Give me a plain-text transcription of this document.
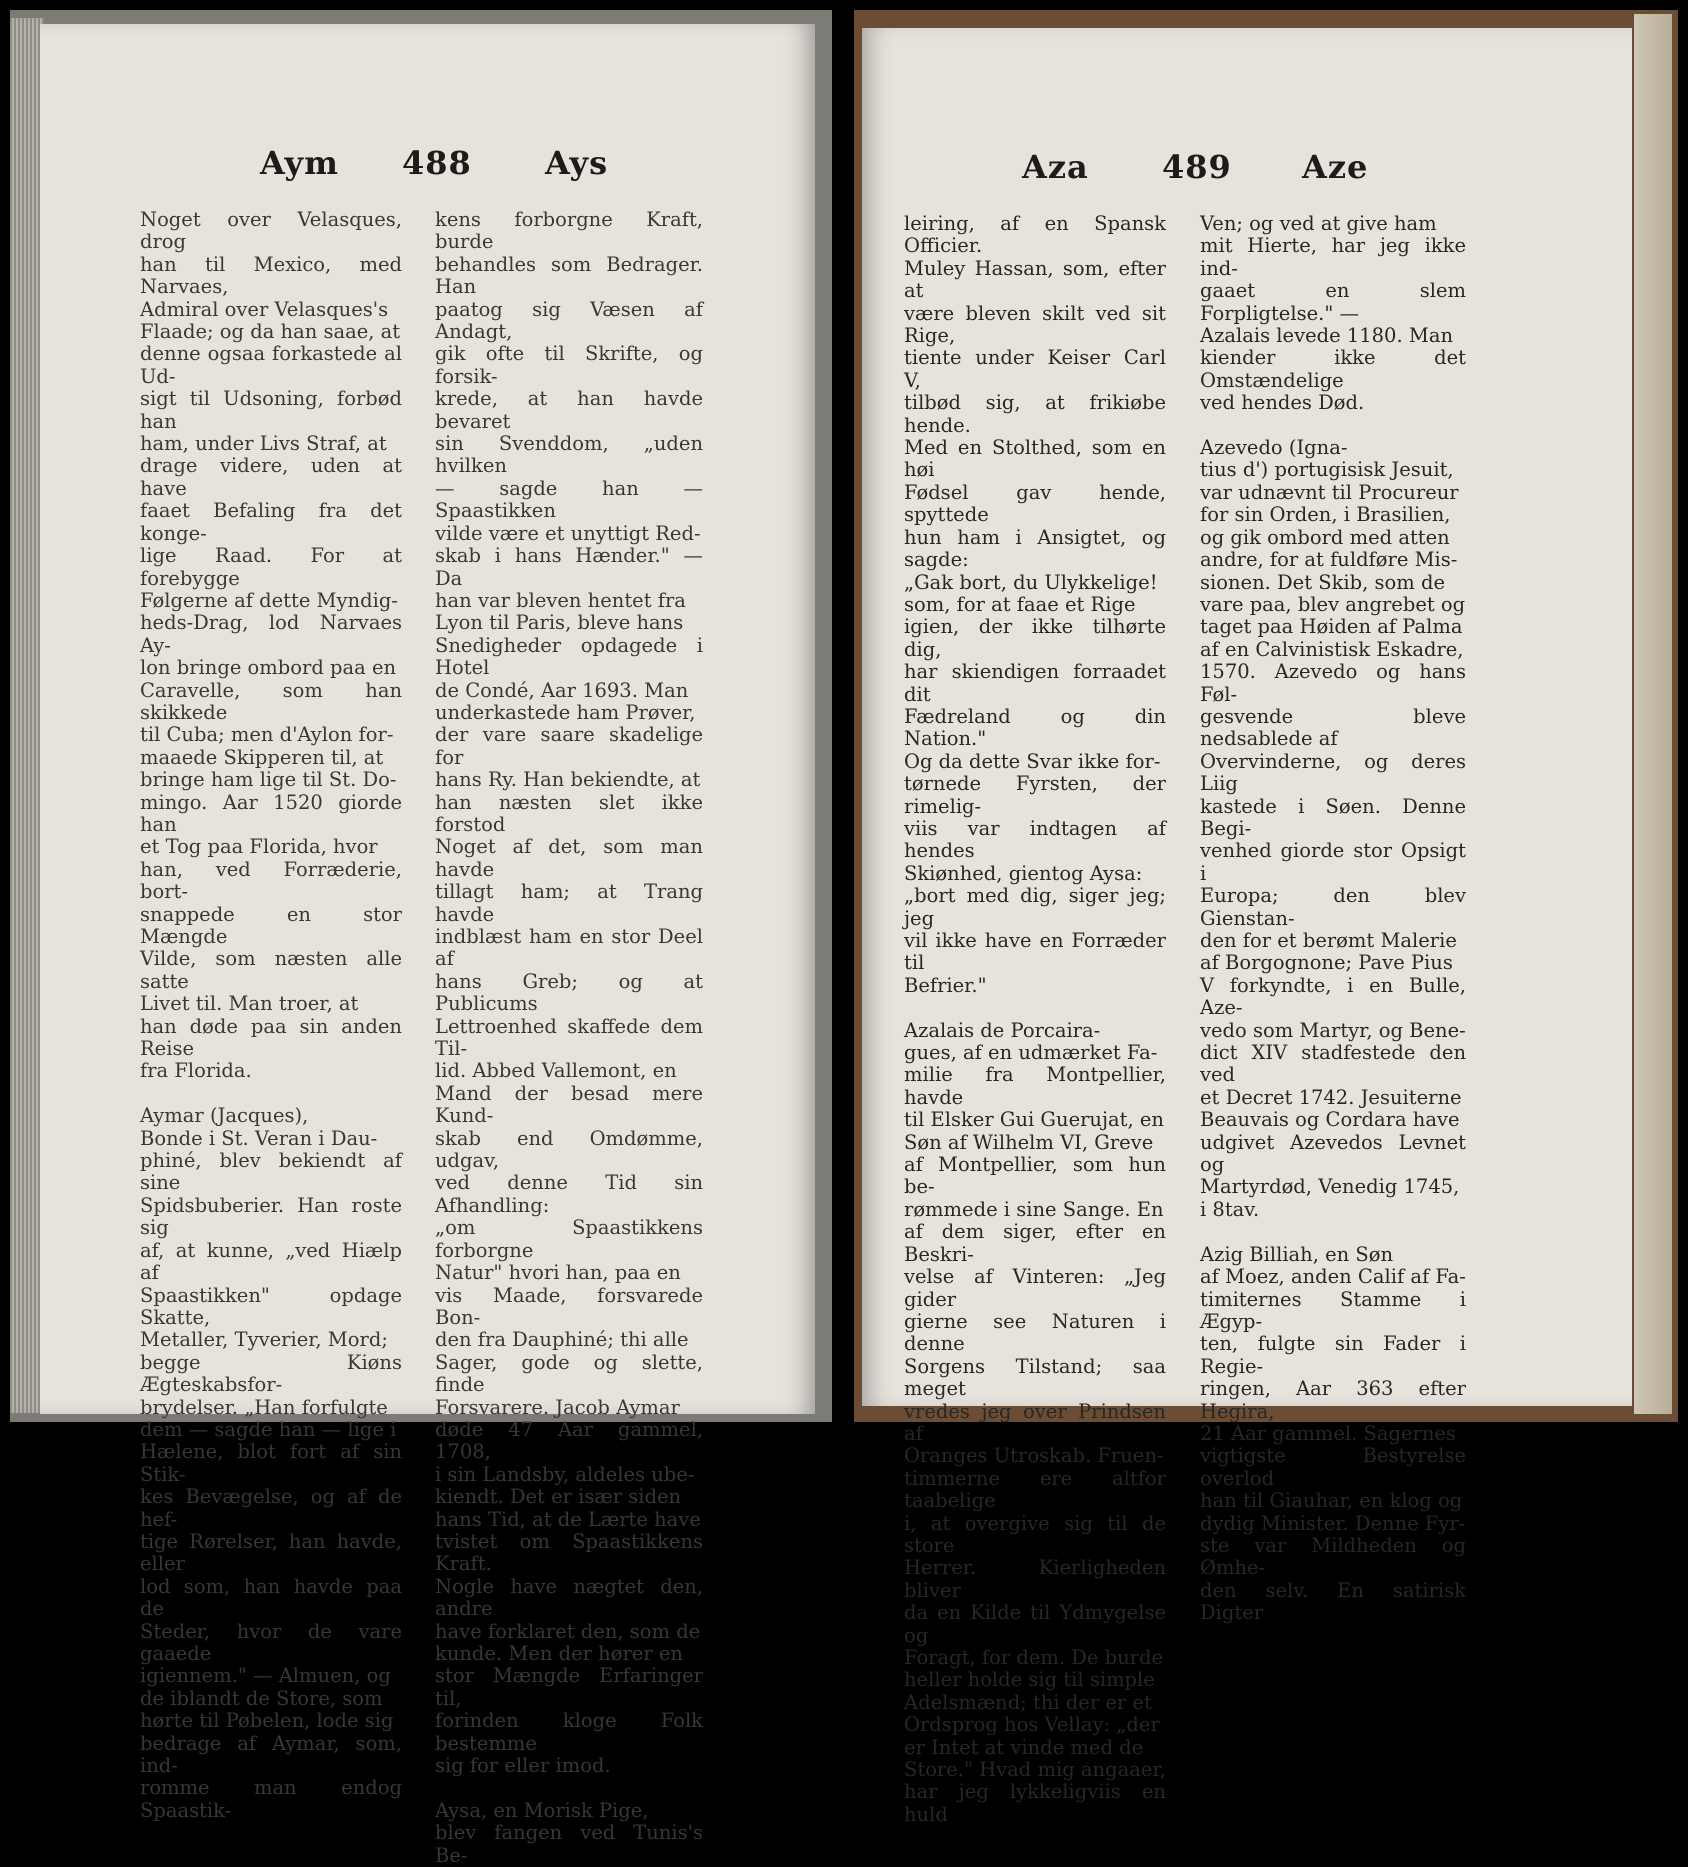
Aym 488 Ays
Noget over Velasques, drog
han til Mexico, med Narvaes,
Admiral over Velasques's
Flaade; og da han saae, at
denne ogsaa forkastede al Ud-
sigt til Udsoning, forbød han
ham, under Livs Straf, at
drage videre, uden at have
faaet Befaling fra det konge-
lige Raad. For at forebygge
Følgerne af dette Myndig-
heds-Drag, lod Narvaes Ay-
lon bringe ombord paa en
Caravelle, som han skikkede
til Cuba; men d'Aylon for-
maaede Skipperen til, at
bringe ham lige til St. Do-
mingo. Aar 1520 giorde han
et Tog paa Florida, hvor
han, ved Forræderie, bort-
snappede en stor Mængde
Vilde, som næsten alle satte
Livet til. Man troer, at
han døde paa sin anden Reise
fra Florida.

Aymar (Jacques),
Bonde i St. Veran i Dau-
phiné, blev bekiendt af sine
Spidsbuberier. Han roste sig
af, at kunne, „ved Hiælp af
Spaastikken" opdage Skatte,
Metaller, Tyverier, Mord;
begge Kiøns Ægteskabsfor-
brydelser. „Han forfulgte
dem — sagde han — lige i
Hælene, blot fort af sin Stik-
kes Bevægelse, og af de hef-
tige Rørelser, han havde, eller
lod som, han havde paa de
Steder, hvor de vare gaaede
igiennem." — Almuen, og
de iblandt de Store, som
hørte til Pøbelen, lode sig
bedrage af Aymar, som, ind-
romme man endog Spaastik-
kens forborgne Kraft, burde
behandles som Bedrager. Han
paatog sig Væsen af Andagt,
gik ofte til Skrifte, og forsik-
krede, at han havde bevaret
sin Svenddom, „uden hvilken
— sagde han — Spaastikken
vilde være et unyttigt Red-
skab i hans Hænder." — Da
han var bleven hentet fra
Lyon til Paris, blevе hans
Snedigheder opdagede i Hotel
de Condé, Aar 1693. Man
underkastede ham Prøver,
der vare saare skadelige for
hans Ry. Han bekiendte, at
han næsten slet ikke forstod
Noget af det, som man havde
tillagt ham; at Trang havde
indblæst ham en stor Deel af
hans Greb; og at Publicums
Lettroenhed skaffede dem Til-
lid. Abbed Vallemont, en
Mand der besad mere Kund-
skab end Omdømme, udgav,
ved denne Tid sin Afhandling:
„om Spaastikkens forborgne
Natur" hvori han, paa en
vis Maade, forsvarede Bon-
den fra Dauphiné; thi alle
Sager, gode og slette, finde
Forsvarere. Jacob Aymar
døde 47 Aar gammel, 1708,
i sin Landsby, aldeles ube-
kiendt. Det er især siden
hans Tid, at de Lærte have
tvistet om Spaastikkens Kraft.
Nogle have nægtet den, andre
have forklaret den, som de
kunde. Men der hører en
stor Mængde Erfaringer til,
forinden kloge Folk bestemme
sig for eller imod.

Aysa, en Morisk Pige,
blev fangen ved Tunis's Be-
Aza 489 Aze
leiring, af en Spansk Officier.
Muley Hassan, som, efter at
være bleven skilt ved sit Rige,
tiente under Keiser Carl V,
tilbød sig, at frikiøbe hende.
Med en Stolthed, som en høi
Fødsel gav hende, spyttede
hun ham i Ansigtet, og sagde:
„Gak bort, du Ulykkelige!
som, for at faae et Rige
igien, der ikke tilhørte dig,
har skiendigen forraadet dit
Fædreland og din Nation."
Og da dette Svar ikke for-
tørnede Fyrsten, der rimelig-
viis var indtagen af hendes
Skiønhed, gientog Aysa:
„bort med dig, siger jeg; jeg
vil ikke have en Forræder til
Befrier."

Azalais de Porcaira-
gues, af en udmærket Fa-
milie fra Montpellier, havde
til Elsker Gui Guerujat, en
Søn af Wilhelm VI, Greve
af Montpellier, som hun be-
rømmede i sine Sange. En
af dem siger, efter en Beskri-
velse af Vinteren: „Jeg gider
gierne see Naturen i denne
Sorgens Tilstand; saa meget
vredes jeg over Prindsen af
Oranges Utroskab. Fruen-
timmerne ere altfor taabelige
i, at overgive sig til de store
Herrer. Kierligheden bliver
da en Kilde til Ydmygelse og
Foragt, for dem. De burde
heller holde sig til simple
Adelsmænd; thi der er et
Ordsprog hos Vellay: „der
er Intet at vinde med de
Store." Hvad mig angaaer,
har jeg lykkeligviis en huld
Ven; og ved at give ham
mit Hierte, har jeg ikke ind-
gaaet en slem Forpligtelse." —
Azalais levede 1180. Man
kiender ikke det Omstændelige
ved hendes Død.

Azevedo (Igna-
tius d') portugisisk Jesuit,
var udnævnt til Procureur
for sin Orden, i Brasilien,
og gik ombord med atten
andre, for at fuldføre Mis-
sionen. Det Skib, som de
vare paa, blev angrebet og
taget paa Høiden af Palma
af en Calvinistisk Eskadre,
1570. Azevedo og hans Føl-
gesvende bleve nedsablede af
Overvinderne, og deres Liig
kastede i Søen. Denne Begi-
venhed giorde stor Opsigt i
Europa; den blev Gienstan-
den for et berømt Malerie
af Borgognone; Pave Pius
V forkyndte, i en Bulle, Aze-
vedo som Martyr, og Bene-
dict XIV stadfestede den ved
et Decret 1742. Jesuiterne
Beauvais og Cordara have
udgivet Azevedos Levnet og
Martyrdød, Venedig 1745,
i 8tav.

Azig Billiah, en Søn
af Moez, anden Calif af Fa-
timiternes Stamme i Ægyp-
ten, fulgte sin Fader i Regie-
ringen, Aar 363 efter Hegira,
21 Aar gammel. Sagernes
vigtigste Bestyrelse overlod
han til Giauhar, en klog og
dydig Minister. Denne Fyr-
ste var Mildheden og Ømhe-
den selv. En satirisk Digter
